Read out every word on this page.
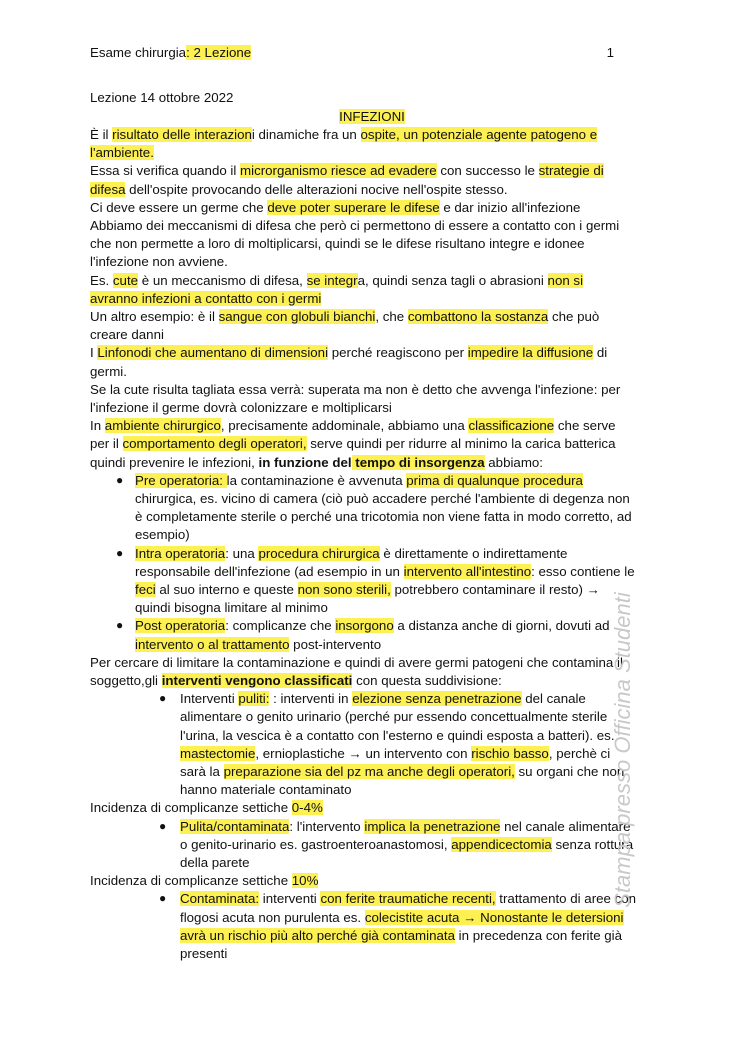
Esame chirurgia: 2 Lezione	1
Lezione 14 ottobre 2022
INFEZIONI
È il risultato delle interazioni dinamiche fra un ospite, un potenziale agente patogeno e
l'ambiente.
Essa si verifica quando il microrganismo riesce ad evadere con successo le strategie di
difesa dell'ospite provocando delle alterazioni nocive nell'ospite stesso.
Ci deve essere un germe che deve poter superare le difese e dar inizio all'infezione
Abbiamo dei meccanismi di difesa che però ci permettono di essere a contatto con i germi
che non permette a loro di moltiplicarsi, quindi se le difese risultano integre e idonee
l'infezione non avviene.
Es. cute è un meccanismo di difesa, se integra, quindi senza tagli o abrasioni non si
avranno infezioni a contatto con i germi
Un altro esempio: è il sangue con globuli bianchi, che combattono la sostanza che può
creare danni
I Linfonodi che aumentano di dimensioni perché reagiscono per impedire la diffusione di
germi.
Se la cute risulta tagliata essa verrà: superata ma non è detto che avvenga l'infezione: per
l'infezione il germe dovrà colonizzare e moltiplicarsi
In ambiente chirurgico, precisamente addominale, abbiamo una classificazione che serve
per il comportamento degli operatori, serve quindi per ridurre al minimo la carica batterica
quindi prevenire le infezioni, in funzione del tempo di insorgenza abbiamo:
● Pre operatoria: la contaminazione è avvenuta prima di qualunque procedura
chirurgica, es. vicino di camera (ciò può accadere perché l'ambiente di degenza non
è completamente sterile o perché una tricotomia non viene fatta in modo corretto, ad
esempio)
● Intra operatoria: una procedura chirurgica è direttamente o indirettamente
responsabile dell'infezione (ad esempio in un intervento all'intestino: esso contiene le
feci al suo interno e queste non sono sterili, potrebbero contaminare il resto) →
quindi bisogna limitare al minimo
● Post operatoria: complicanze che insorgono a distanza anche di giorni, dovuti ad
intervento o al trattamento post-intervento
Per cercare di limitare la contaminazione e quindi di avere germi patogeni che contamina il
soggetto,gli interventi vengono classificati con questa suddivisione:
● Interventi puliti: : interventi in elezione senza penetrazione del canale
alimentare o genito urinario (perché pur essendo concettualmente sterile
l'urina, la vescica è a contatto con l'esterno e quindi esposta a batteri). es.
mastectomie, ernioplastiche → un intervento con rischio basso, perchè ci
sarà la preparazione sia del pz ma anche degli operatori, su organi che non
hanno materiale contaminato
Incidenza di complicanze settiche 0-4%
● Pulita/contaminata: l'intervento implica la penetrazione nel canale alimentare
o genito-urinario es. gastroenteroanastomosi, appendicectomia senza rottura
della parete
Incidenza di complicanze settiche 10%
● Contaminata: interventi con ferite traumatiche recenti, trattamento di aree con
flogosi acuta non purulenta es. colecistite acuta → Nonostante le detersioni
avrà un rischio più alto perché già contaminata in precedenza con ferite già
presenti
Stampa presso Officina Studenti
